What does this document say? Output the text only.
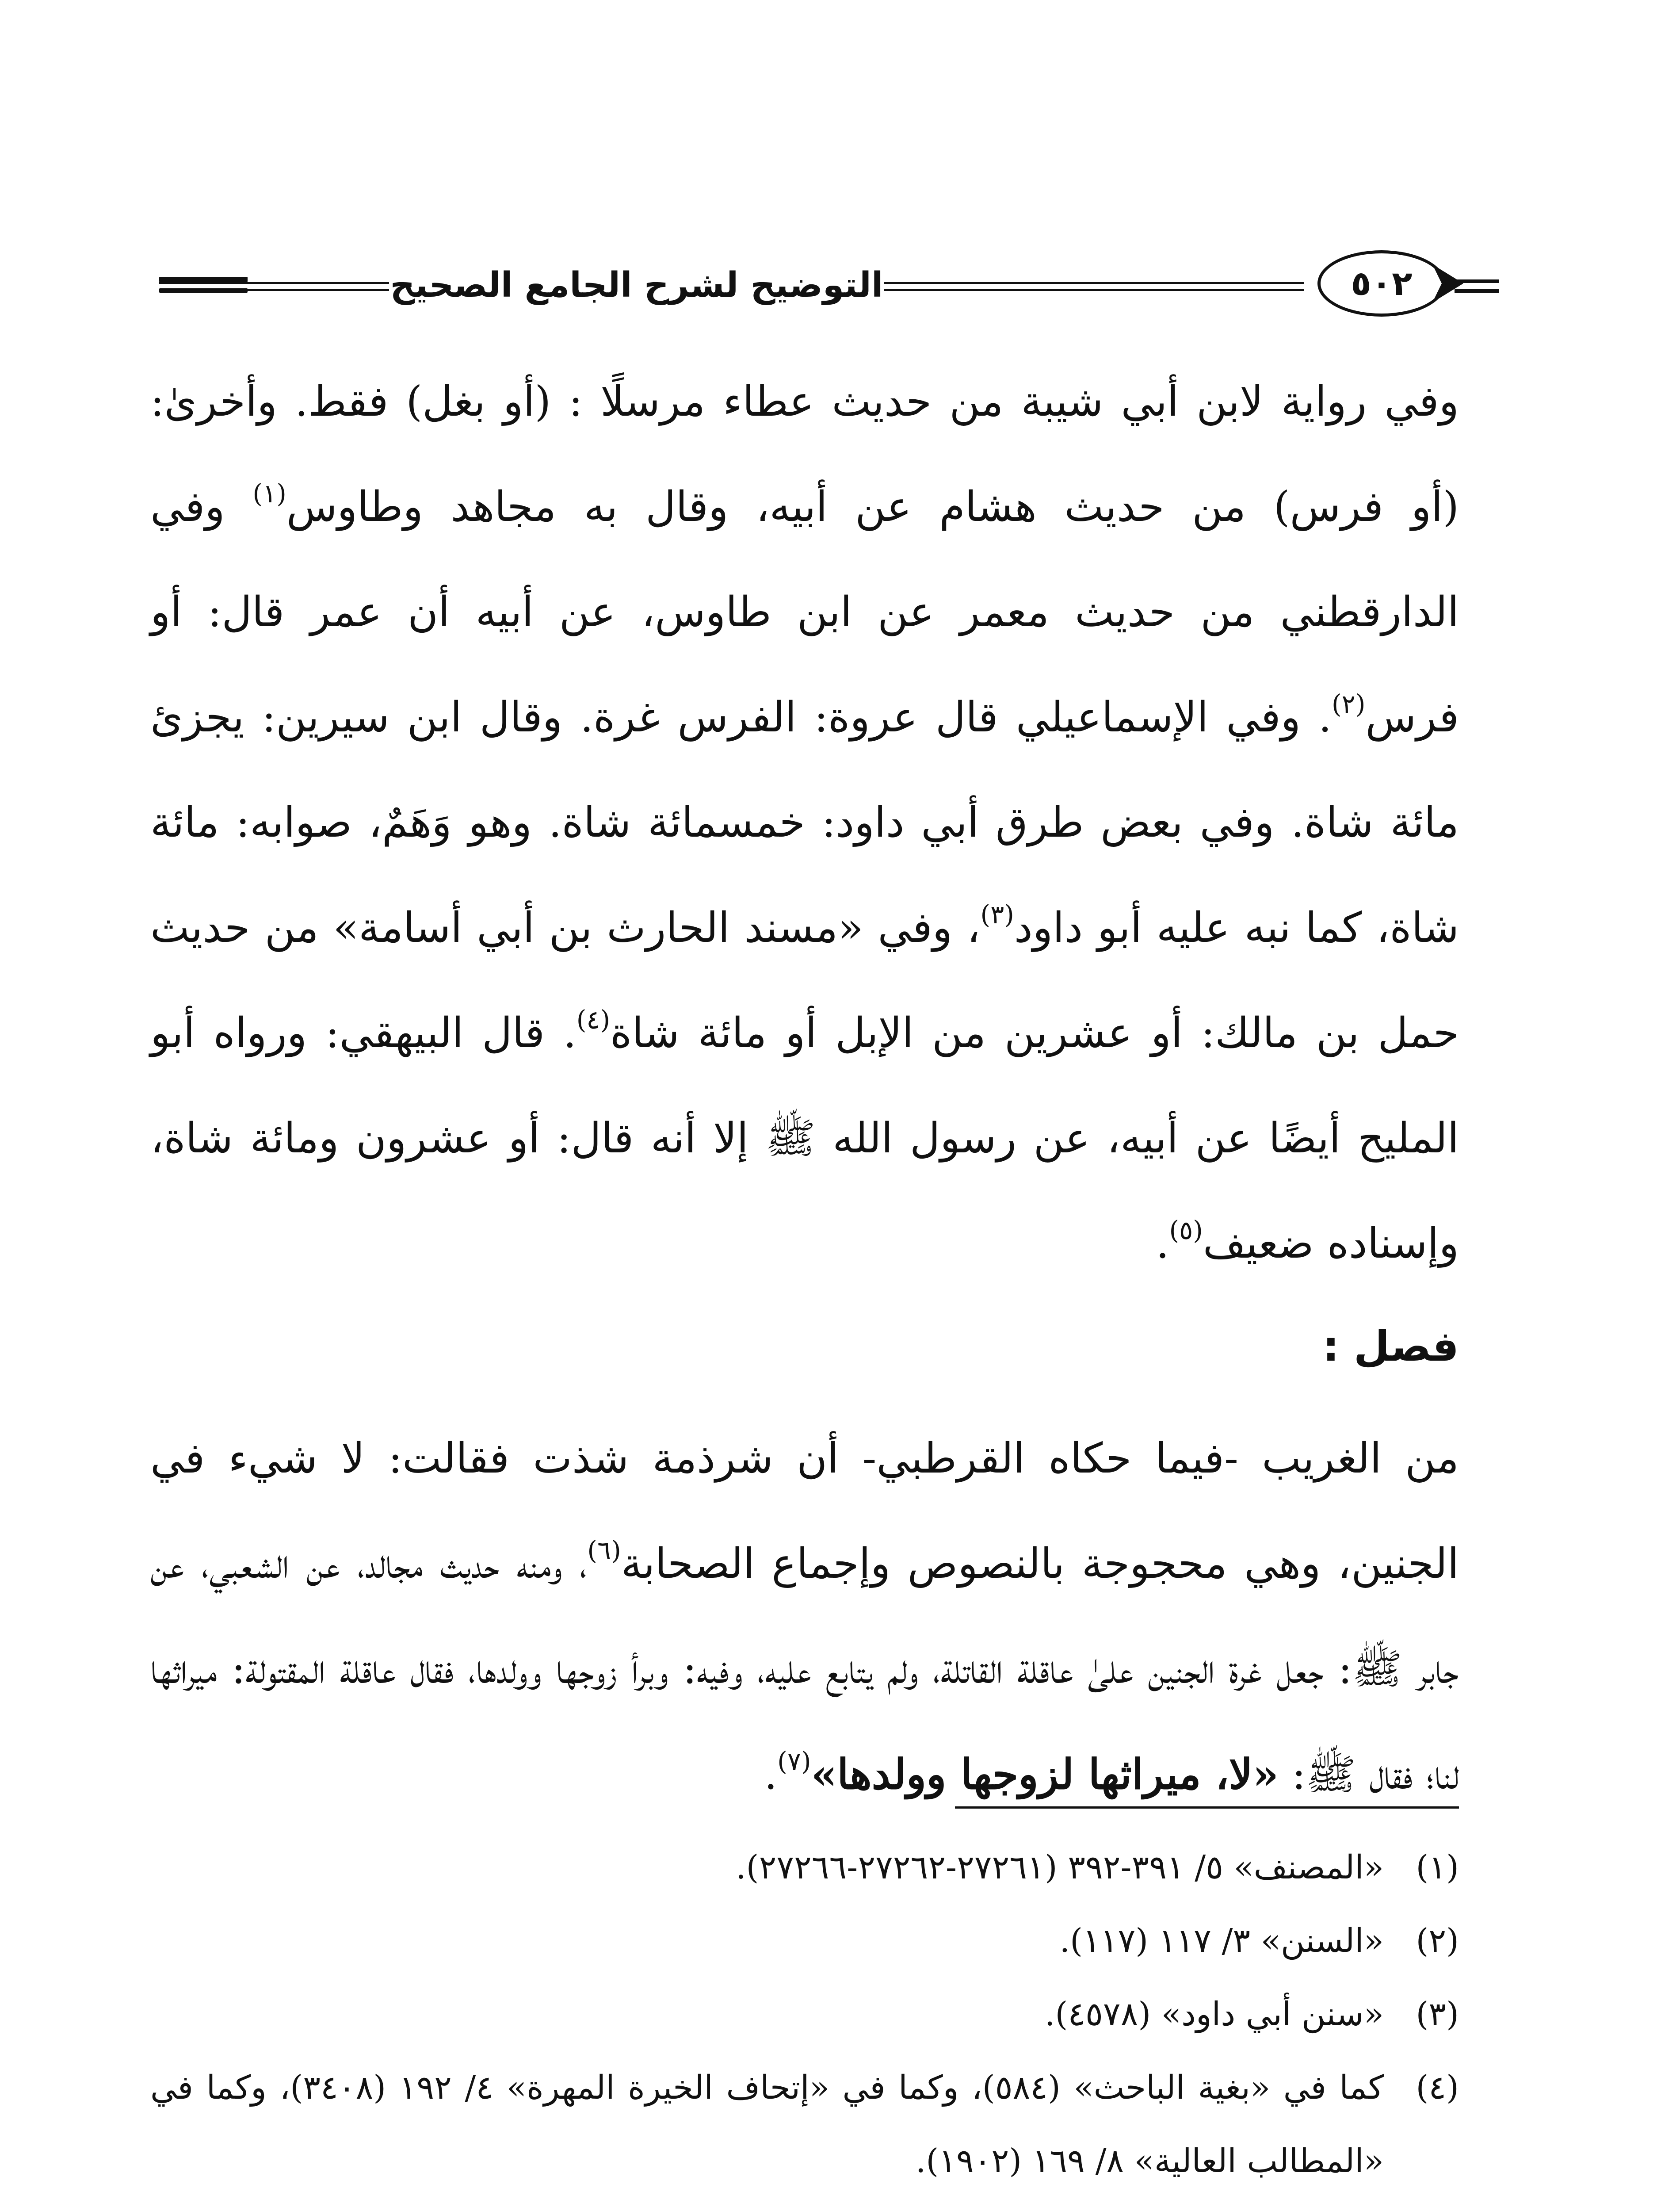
التوضيح لشرح الجامع الصحيح	٥٠٢

وفي رواية لابن أبي شيبة من حديث عطاء مرسلًا : (أو بغل) فقط. وأخرىٰ: (أو فرس) من حديث هشام عن أبيه، وقال به مجاهد وطاوس$^{(١)}$ وفي الدارقطني من حديث معمر عن ابن طاوس، عن أبيه أن عمر قال: أو فرس$^{(٢)}$. وفي الإسماعيلي قال عروة: الفرس غرة. وقال ابن سيرين: يجزئ مائة شاة. وفي بعض طرق أبي داود: خمسمائة شاة. وهو وَهَمٌ، صوابه: مائة شاة، كما نبه عليه أبو داود$^{(٣)}$، وفي «مسند الحارث بن أبي أسامة» من حديث حمل بن مالك: أو عشرين من الإبل أو مائة شاة$^{(٤)}$. قال البيهقي: ورواه أبو المليح أيضًا عن أبيه، عن رسول الله ﷺ إلا أنه قال: أو عشرون ومائة شاة، وإسناده ضعيف$^{(٥)}$.

فصل :

من الغريب -فيما حكاه القرطبي- أن شرذمة شذت فقالت: لا شيء في الجنين، وهي محجوجة بالنصوص وإجماع الصحابة$^{(٦)}$، ومنه حديث مجالد، عن الشعبي، عن جابر ﷺ: جعل غرة الجنين علىٰ عاقلة القاتلة، ولم يتابع عليه، وفيه: وبرأ زوجها وولدها، فقال عاقلة المقتولة: ميراثها لنا؛ فقال ﷺ: «لا، ميراثها لزوجها وولدها»$^{(٧)}$.

(١)
«المصنف» ٥/ ٣٩١-٣٩٢ (٢٧٢٦١-٢٧٢٦٢-٢٧٢٦٦).
(٢)
«السنن» ٣/ ١١٧ (١١٧).
(٣)
«سنن أبي داود» (٤٥٧٨).
(٤)
كما في «بغية الباحث» (٥٨٤)، وكما في «إتحاف الخيرة المهرة» ٤/ ١٩٢ (٣٤٠٨)، وكما في «المطالب العالية» ٨/ ١٦٩ (١٩٠٢).
